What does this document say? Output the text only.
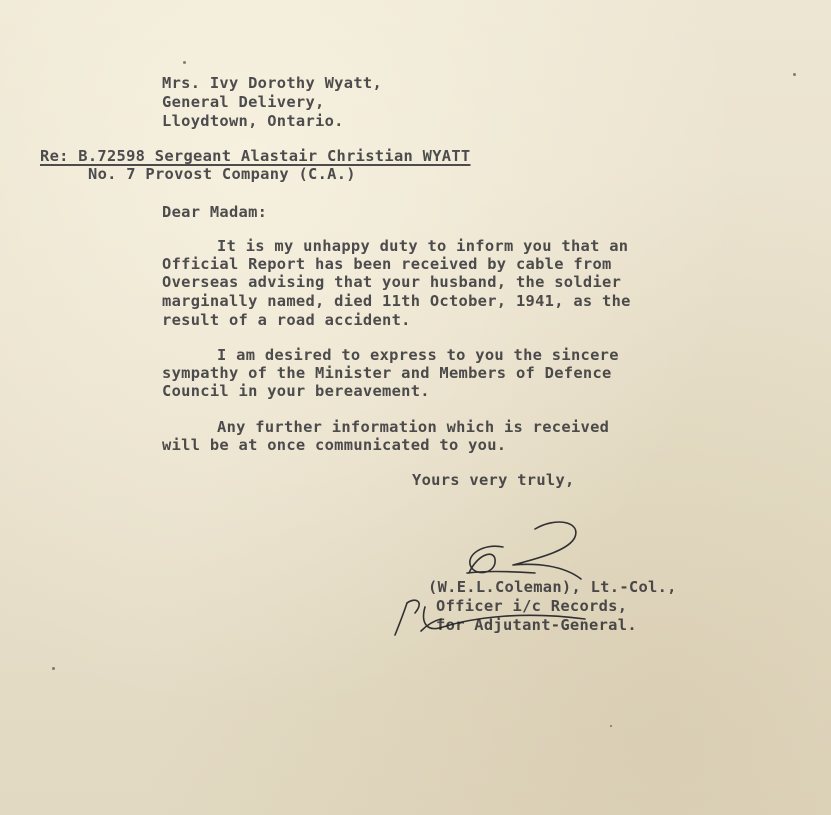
Mrs. Ivy Dorothy Wyatt,
General Delivery,
Lloydtown, Ontario.
Re: B.72598 Sergeant Alastair Christian WYATT
No. 7 Provost Company (C.A.)
Dear Madam:
It is my unhappy duty to inform you that an
Official Report has been received by cable from
Overseas advising that your husband, the soldier
marginally named, died 11th October, 1941, as the
result of a road accident.
I am desired to express to you the sincere
sympathy of the Minister and Members of Defence
Council in your bereavement.
Any further information which is received
will be at once communicated to you.
Yours very truly,
(W.E.L.Coleman), Lt.-Col.,
Officer i/c Records,
for Adjutant-General.
